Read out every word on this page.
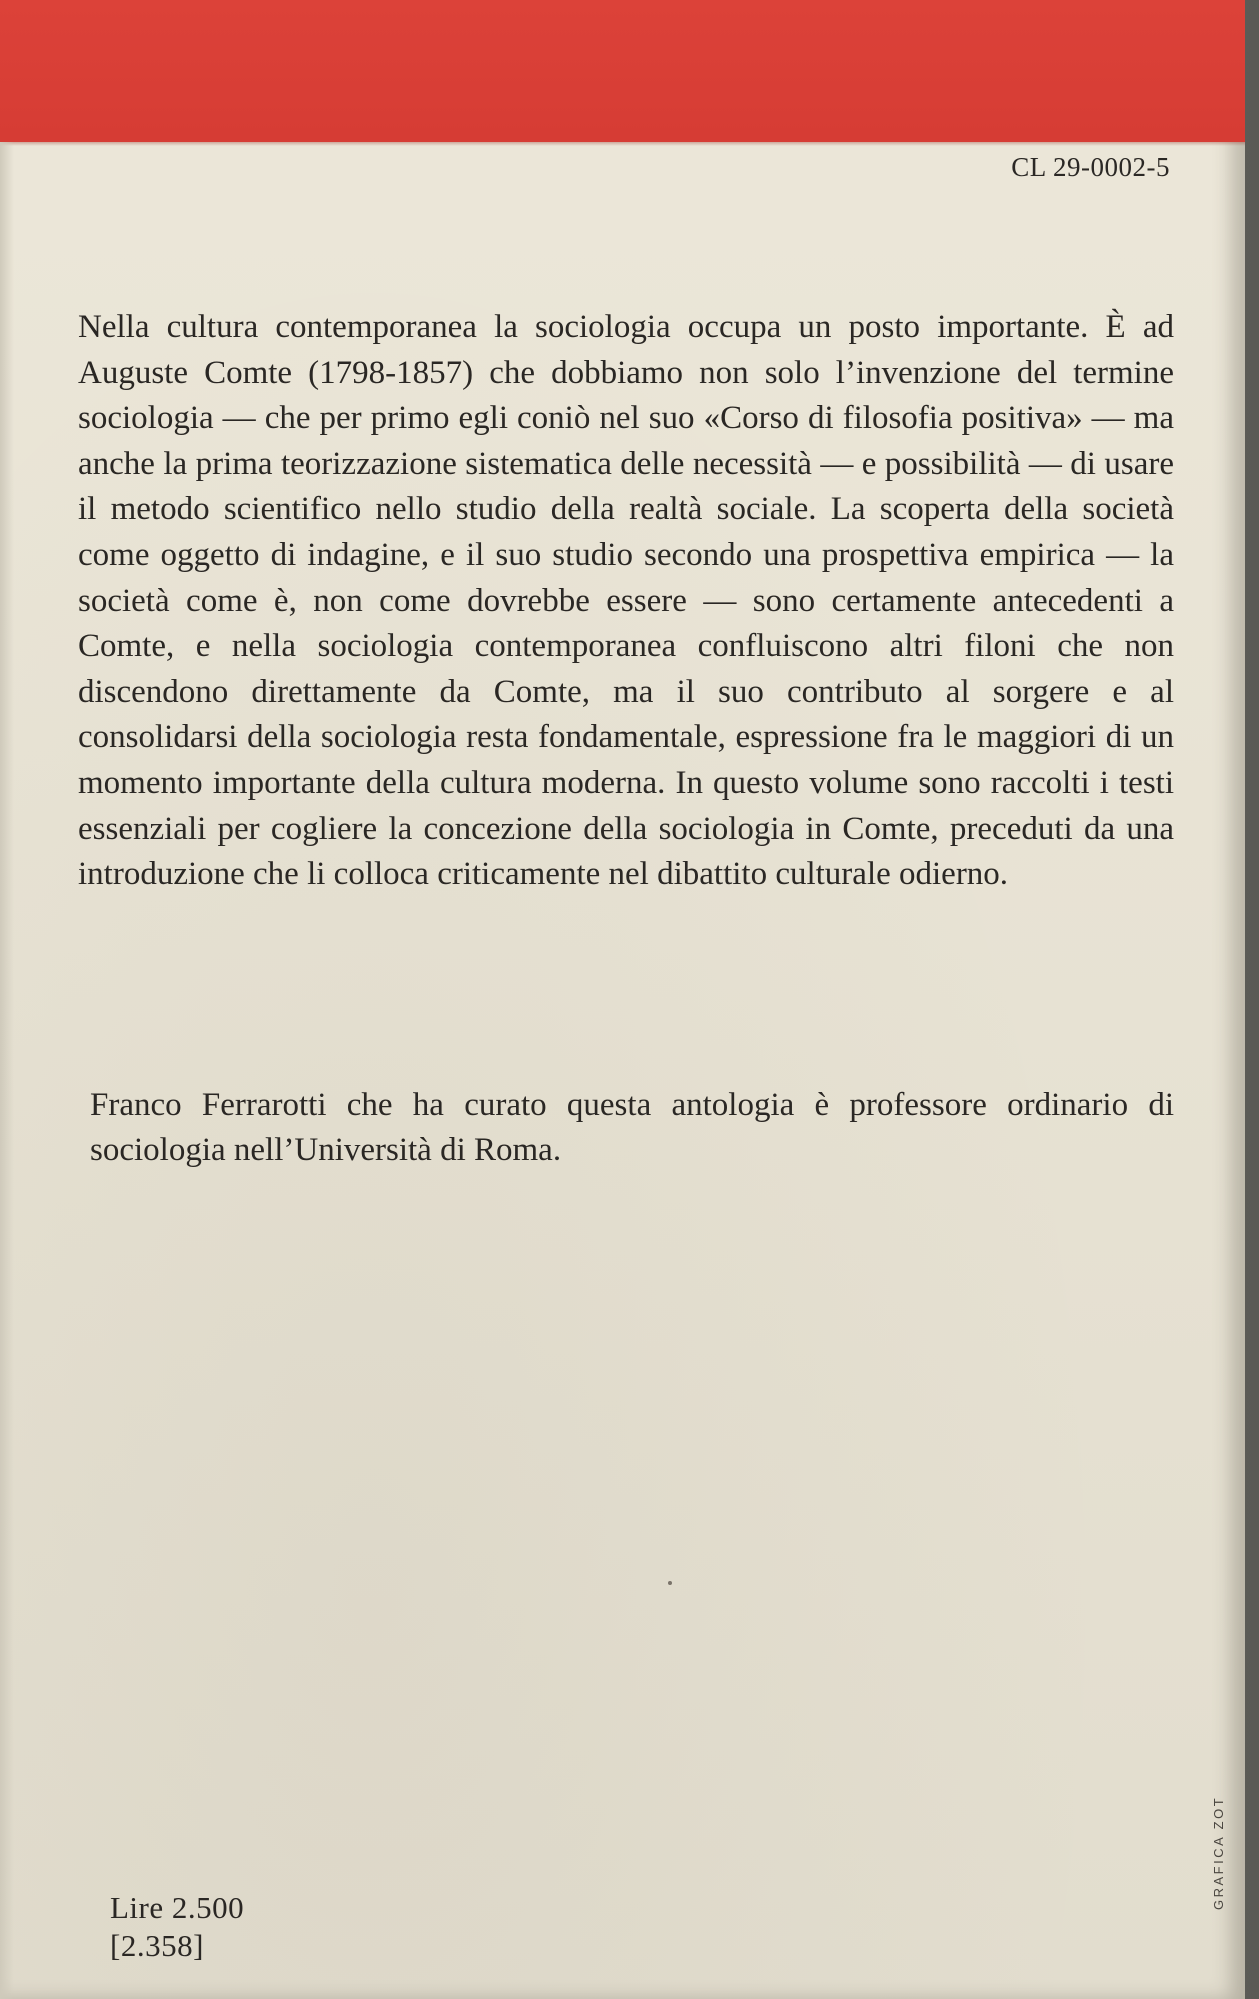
CL 29-0002-5

Nella cultura contemporanea la sociologia occupa un posto importante. È ad Auguste Comte (1798-1857) che dobbiamo non solo l’invenzione del termine sociologia — che per primo egli coniò nel suo «Corso di filosofia positiva» — ma anche la prima teorizzazione sistematica delle necessità — e possibilità — di usare il metodo scientifico nello studio della realtà sociale. La scoperta della società come oggetto di indagine, e il suo studio secondo una prospettiva empirica — la società come è, non come dovrebbe essere — sono certamente antecedenti a Comte, e nella sociologia contemporanea confluiscono altri filoni che non discendono direttamente da Comte, ma il suo contributo al sorgere e al consolidarsi della sociologia resta fondamentale, espressione fra le maggiori di un momento importante della cultura moderna. In questo volume sono raccolti i testi essenziali per cogliere la concezione della sociologia in Comte, preceduti da una introduzione che li colloca criticamente nel dibattito culturale odierno.

Franco Ferrarotti che ha curato questa antologia è professore ordinario di sociologia nell’Università di Roma.

Lire 2.500
[2.358]
GRAFICA ZOT
